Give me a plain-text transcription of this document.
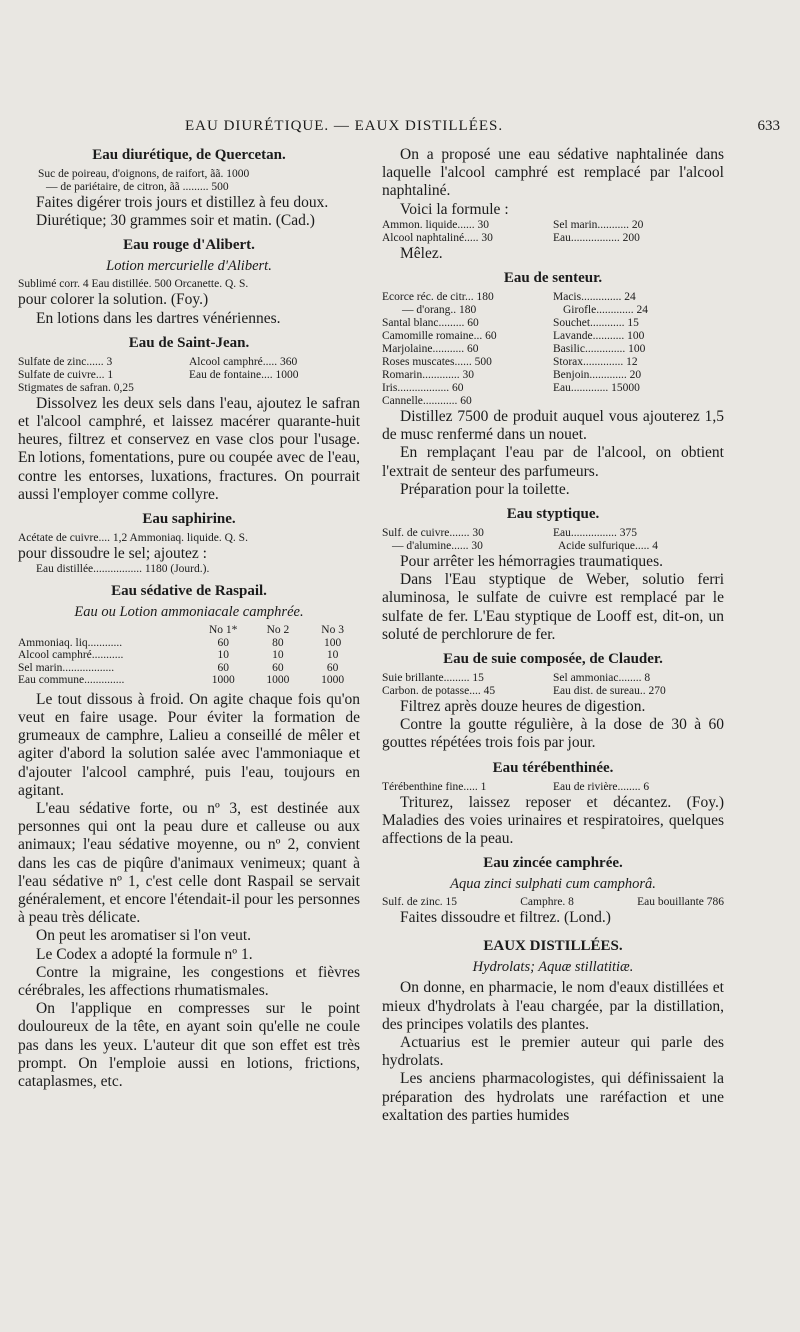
EAU DIURÉTIQUE. — EAUX DISTILLÉES.	633
Eau diurétique, de Quercetan.
Suc de poireau, d'oignons, de raifort, ãã. 1000
— de pariétaire, de citron, ãã ......... 500

Faites digérer trois jours et distillez à feu doux.

Diurétique; 30 grammes soir et matin. (Cad.)

Eau rouge d'Alibert.
Lotion mercurielle d'Alibert.
Sublimé corr. 4 Eau distillée. 500 Orcanette. Q. S.

pour colorer la solution. (Foy.)

En lotions dans les dartres vénériennes.

Eau de Saint-Jean.
Sulfate de zinc...... 3	Alcool camphré..... 360
Sulfate de cuivre... 1	Eau de fontaine.... 1000
Stigmates de safran. 0,25

Dissolvez les deux sels dans l'eau, ajoutez le safran et l'alcool camphré, et laissez macérer quarante-huit heures, filtrez et conservez en vase clos pour l'usage. En lotions, fomentations, pure ou coupée avec de l'eau, contre les entorses, luxations, fractures. On pourrait aussi l'employer comme collyre.

Eau saphirine.
Acétate de cuivre.... 1,2 Ammoniaq. liquide. Q. S.

pour dissoudre le sel; ajoutez :

Eau distillée................. 1180 (Jourd.).
Eau sédative de Raspail.
Eau ou Lotion ammoniacale camphrée.
	No 1*	No 2	No 3
Ammoniaq. liq............	60	80	100
Alcool camphré...........	10	10	10
Sel marin..................	60	60	60
Eau commune..............	1000	1000	1000

Le tout dissous à froid. On agite chaque fois qu'on veut en faire usage. Pour éviter la formation de grumeaux de camphre, Lalieu a conseillé de mêler et agiter d'abord la solution salée avec l'ammoniaque et d'ajouter l'alcool camphré, puis l'eau, toujours en agitant.

L'eau sédative forte, ou nº 3, est destinée aux personnes qui ont la peau dure et calleuse ou aux animaux; l'eau sédative moyenne, ou nº 2, convient dans les cas de piqûre d'animaux venimeux; quant à l'eau sédative nº 1, c'est celle dont Raspail se servait généralement, et encore l'étendait-il pour les personnes à peau très délicate.

On peut les aromatiser si l'on veut.

Le Codex a adopté la formule nº 1.

Contre la migraine, les congestions et fièvres cérébrales, les affections rhumatismales.

On l'applique en compresses sur le point douloureux de la tête, en ayant soin qu'elle ne coule pas dans les yeux. L'auteur dit que son effet est très prompt. On l'emploie aussi en lotions, frictions, cataplasmes, etc.

On a proposé une eau sédative naphtalinée dans laquelle l'alcool camphré est remplacé par l'alcool naphtaliné.

Voici la formule :

Ammon. liquide...... 30	Sel marin........... 20
Alcool naphtaliné..... 30	Eau................. 200

Mêlez.

Eau de senteur.
Ecorce réc. de citr... 180	Macis.............. 24
— d'orang.. 180	Girofle............. 24
Santal blanc......... 60	Souchet............ 15
Camomille romaine... 60	Lavande........... 100
Marjolaine........... 60	Basilic.............. 100
Roses muscates...... 500	Storax.............. 12
Romarin............. 30	Benjoin............. 20
Iris.................. 60	Eau............. 15000
Cannelle............ 60

Distillez 7500 de produit auquel vous ajouterez 1,5 de musc renfermé dans un nouet.

En remplaçant l'eau par de l'alcool, on obtient l'extrait de senteur des parfumeurs.

Préparation pour la toilette.

Eau styptique.
Sulf. de cuivre....... 30	Eau................ 375
— d'alumine...... 30	Acide sulfurique..... 4

Pour arrêter les hémorragies traumatiques.

Dans l'Eau styptique de Weber, solutio ferri aluminosa, le sulfate de cuivre est remplacé par le sulfate de fer. L'Eau styptique de Looff est, dit-on, un soluté de perchlorure de fer.

Eau de suie composée, de Clauder.
Suie brillante......... 15	Sel ammoniac........ 8
Carbon. de potasse.... 45	Eau dist. de sureau.. 270

Filtrez après douze heures de digestion.

Contre la goutte régulière, à la dose de 30 à 60 gouttes répétées trois fois par jour.

Eau térébenthinée.
Térébenthine fine..... 1	Eau de rivière........ 6

Triturez, laissez reposer et décantez. (Foy.) Maladies des voies urinaires et respiratoires, quelques affections de la peau.

Eau zincée camphrée.
Aqua zinci sulphati cum camphorâ.
Sulf. de zinc. 15	Camphre. 8	Eau bouillante 786

Faites dissoudre et filtrez. (Lond.)

EAUX DISTILLÉES.
Hydrolats; Aquæ stillatitiæ.

On donne, en pharmacie, le nom d'eaux distillées et mieux d'hydrolats à l'eau chargée, par la distillation, des principes volatils des plantes.

Actuarius est le premier auteur qui parle des hydrolats.

Les anciens pharmacologistes, qui définissaient la préparation des hydrolats une raréfaction et une exaltation des parties humides
